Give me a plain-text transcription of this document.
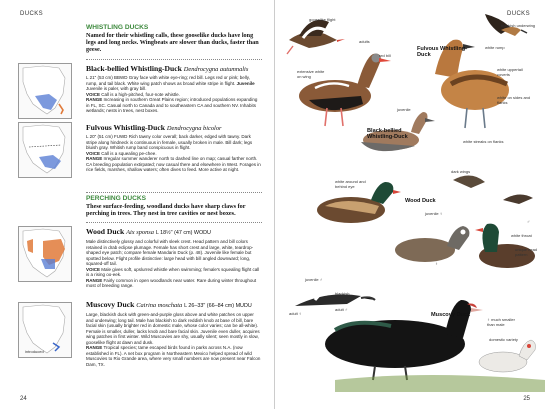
DUCKS
WHISTLING DUCKS
Named for their whistling calls, these gooselike ducks have long legs and long necks. Wingbeats are slower than ducks, faster than geese.
Black-bellied Whistling-Duck Dendrocygna autumnalis

L 21" (53 cm) BBWD Gray face with white eye-ring; red bill. Legs red or pink; belly, rump, and tail black. White wing patch shows as broad white stripe in flight. Juvenile Juvenile is paler, with gray bill.

VOICE Call is a high-pitched, four-note whistle.

RANGE Increasing in southern Great Plains region; introduced populations expanding in FL, SC. Casual north to Canada and to southeastern CA and southern NV. Inhabits wetlands; nests in trees, nest boxes.

Fulvous Whistling-Duck Dendrocygna bicolor

L 20" (51 cm) FUWD Rich tawny color overall; back darker, edged with tawny. Dark stripe along hindneck is continuous in female, usually broken in male. Bill dark; legs bluish gray. Whitish rump band conspicuous in flight.

VOICE Call is a squealing pe-chee.

RANGE Irregular summer wanderer north to dashed line on map; casual farther north. CA breeding population extirpated; now casual there and elsewhere in West. Forages in rice fields, marshes, shallow waters; often dives to feed. More active at night.

PERCHING DUCKS
These surface-feeding, woodland ducks have sharp claws for perching in trees. They nest in tree cavities or nest boxes.
Wood Duck Aix sponsa L 18½" (47 cm) WODU

Male distinctively glossy and colorful with sleek crest. Head pattern and bill colors retained in drab eclipse plumage. Female has short crest and large, white, teardrop-shaped eye patch; compare female Mandarin Duck (p. 48). Juvenile like female but spotted below. Flight profile distinctive: large head with bill angled downward; long, squared-off tail.

VOICE Male gives soft, upslurred whistle when swimming; female's squealing flight call is a rising oo-eek.

RANGE Fairly common in open woodlands near water. Rare during winter throughout most of breeding range.

introduced
Muscovy Duck Cairina moschata L 26–33" (66–84 cm) MUDU

Large, blackish duck with green-and-purple gloss above and white patches on upper and underwing; long tail. Male has blackish to dark reddish knob at base of bill, bare facial skin (usually brighter red in domestic male, whose color varies; can be all-white). Female is smaller, duller, lacks knob and bare facial skin. Juvenile even duller, acquires wing patches in first winter. Wild Muscovies are shy, usually silent; seen mostly in slow, gooselike flight at dawn and dusk.

RANGE Tropical species; tame escaped birds found in parks across N.A. (now established in FL). A net box program in Northeastern Mexico helped spread of wild Muscovies to Rio Grande area, where very small numbers are now present near Falcon Dam, TX.

24
DUCKS
Fulvous Whistling-Duck
Black-bellied Whistling-Duck
Wood Duck
Muscovy Duck
gooselike flight
adults
red bill
extensive white on wing
blackish underwing
white rump
white uppertail coverts
white on sides and flanks
juvenile
white streaks on flanks
white around and behind eye
dark wings
juvenile ♀
♂
white throat
unique head pattern
♀
juvenile ♂
blackish
adult ♀
adult ♂
♀ much smaller than male
domestic variety
25
